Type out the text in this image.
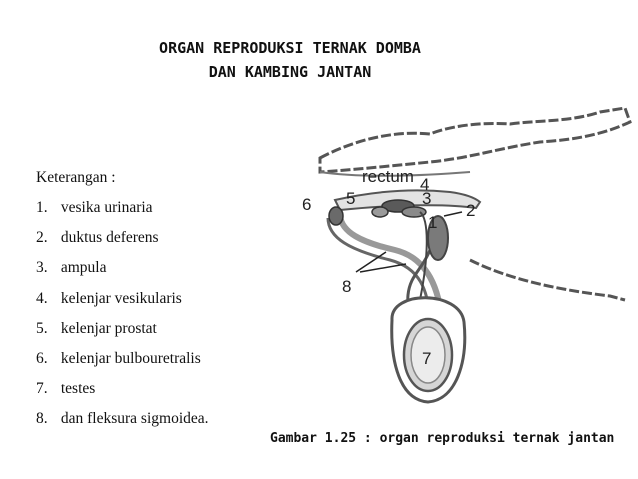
ORGAN REPRODUKSI TERNAK DOMBA
DAN KAMBING JANTAN
Keterangan :
1. vesika urinaria
2. duktus deferens
3. ampula
4. kelenjar vesikularis
5. kelenjar prostat
6. kelenjar bulbouretralis
7. testes
8. dan fleksura sigmoidea.
rectum
1
2
3
4
5
6
7
8
Gambar 1.25 : organ reproduksi ternak jantan
